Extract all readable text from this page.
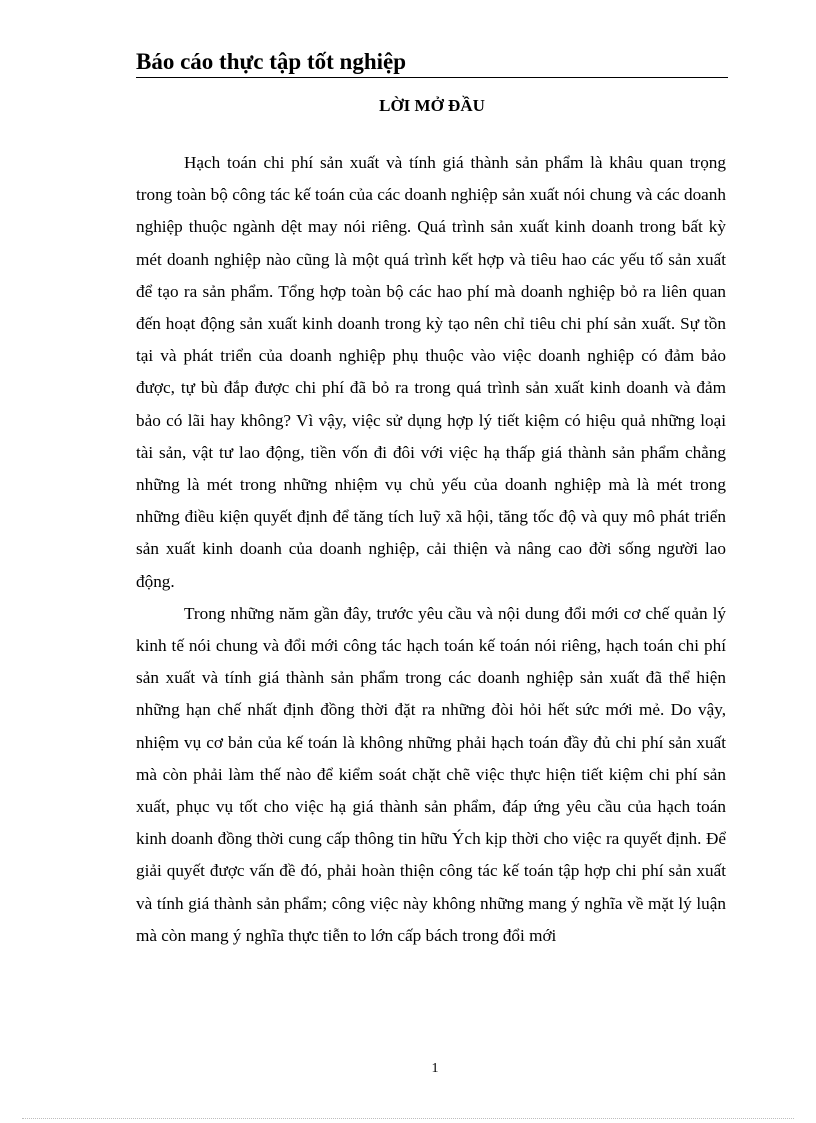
Báo cáo thực tập tốt nghiệp
LỜI MỞ ĐẦU

Hạch toán chi phí sản xuất và tính giá thành sản phẩm là khâu quan trọng trong toàn bộ công tác kế toán của các doanh nghiệp sản xuất nói chung và các doanh nghiệp thuộc ngành dệt may nói riêng. Quá trình sản xuất kinh doanh trong bất kỳ mét doanh nghiệp nào cũng là một quá trình kết hợp và tiêu hao các yếu tố sản xuất để tạo ra sản phẩm. Tổng hợp toàn bộ các hao phí mà doanh nghiệp bỏ ra liên quan đến hoạt động sản xuất kinh doanh trong kỳ tạo nên chỉ tiêu chi phí sản xuất. Sự tồn tại và phát triển của doanh nghiệp phụ thuộc vào việc doanh nghiệp có đảm bảo được, tự bù đắp được chi phí đã bỏ ra trong quá trình sản xuất kinh doanh và đảm bảo có lãi hay không? Vì vậy, việc sử dụng hợp lý tiết kiệm có hiệu quả những loại tài sản, vật tư lao động, tiền vốn đi đôi với việc hạ thấp giá thành sản phẩm chẳng những là mét trong những nhiệm vụ chủ yếu của doanh nghiệp mà là mét trong những điều kiện quyết định để tăng tích luỹ xã hội, tăng tốc độ và quy mô phát triển sản xuất kinh doanh của doanh nghiệp, cải thiện và nâng cao đời sống người lao động.

Trong những năm gần đây, trước yêu cầu và nội dung đổi mới cơ chế quản lý kinh tế nói chung và đổi mới công tác hạch toán kế toán nói riêng, hạch toán chi phí sản xuất và tính giá thành sản phẩm trong các doanh nghiệp sản xuất đã thể hiện những hạn chế nhất định đồng thời đặt ra những đòi hỏi hết sức mới mẻ. Do vậy, nhiệm vụ cơ bản của kế toán là không những phải hạch toán đầy đủ chi phí sản xuất mà còn phải làm thế nào để kiểm soát chặt chẽ việc thực hiện tiết kiệm chi phí sản xuất, phục vụ tốt cho việc hạ giá thành sản phẩm, đáp ứng yêu cầu của hạch toán kinh doanh đồng thời cung cấp thông tin hữu Ých kịp thời cho việc ra quyết định. Để giải quyết được vấn đề đó, phải hoàn thiện công tác kế toán tập hợp chi phí sản xuất và tính giá thành sản phẩm; công việc này không những mang ý nghĩa về mặt lý luận mà còn mang ý nghĩa thực tiễn to lớn cấp bách trong đổi mới

1
